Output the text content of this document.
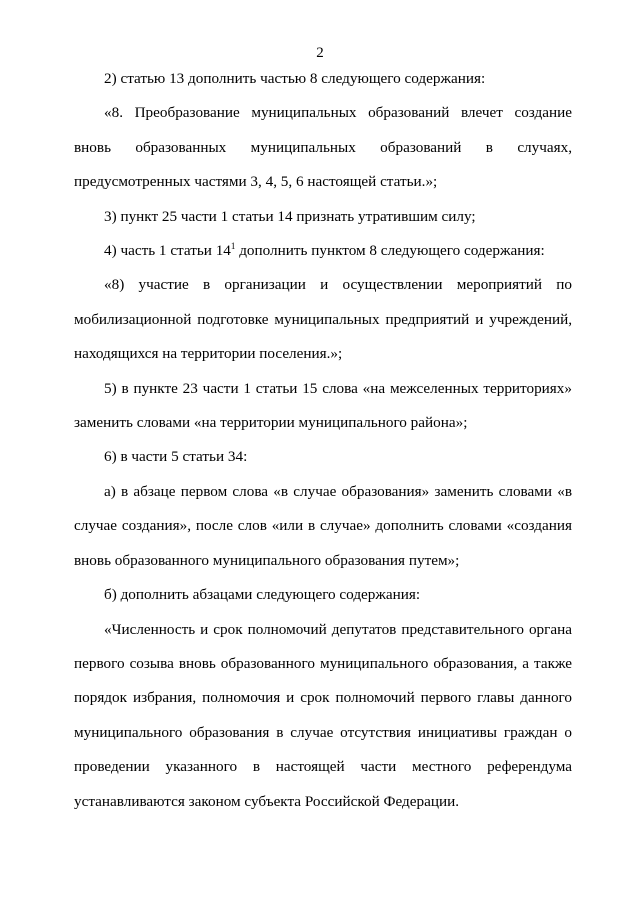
2

2) статью 13 дополнить частью 8 следующего содержания:

«8. Преобразование муниципальных образований влечет создание вновь образованных муниципальных образований в случаях, предусмотренных частями 3, 4, 5, 6 настоящей статьи.»;

3) пункт 25 части 1 статьи 14 признать утратившим силу;

4) часть 1 статьи $14^1$ дополнить пунктом 8 следующего содержания:

«8) участие в организации и осуществлении мероприятий по мобилизационной подготовке муниципальных предприятий и учреждений, находящихся на территории поселения.»;

5) в пункте 23 части 1 статьи 15 слова «на межселенных территориях» заменить словами «на территории муниципального района»;

6) в части 5 статьи 34:

а) в абзаце первом слова «в случае образования» заменить словами «в случае создания», после слов «или в случае» дополнить словами «создания вновь образованного муниципального образования путем»;

б) дополнить абзацами следующего содержания:

«Численность и срок полномочий депутатов представительного органа первого созыва вновь образованного муниципального образования, а также порядок избрания, полномочия и срок полномочий первого главы данного муниципального образования в случае отсутствия инициативы граждан о проведении указанного в настоящей части местного референдума устанавливаются законом субъекта Российской Федерации.
